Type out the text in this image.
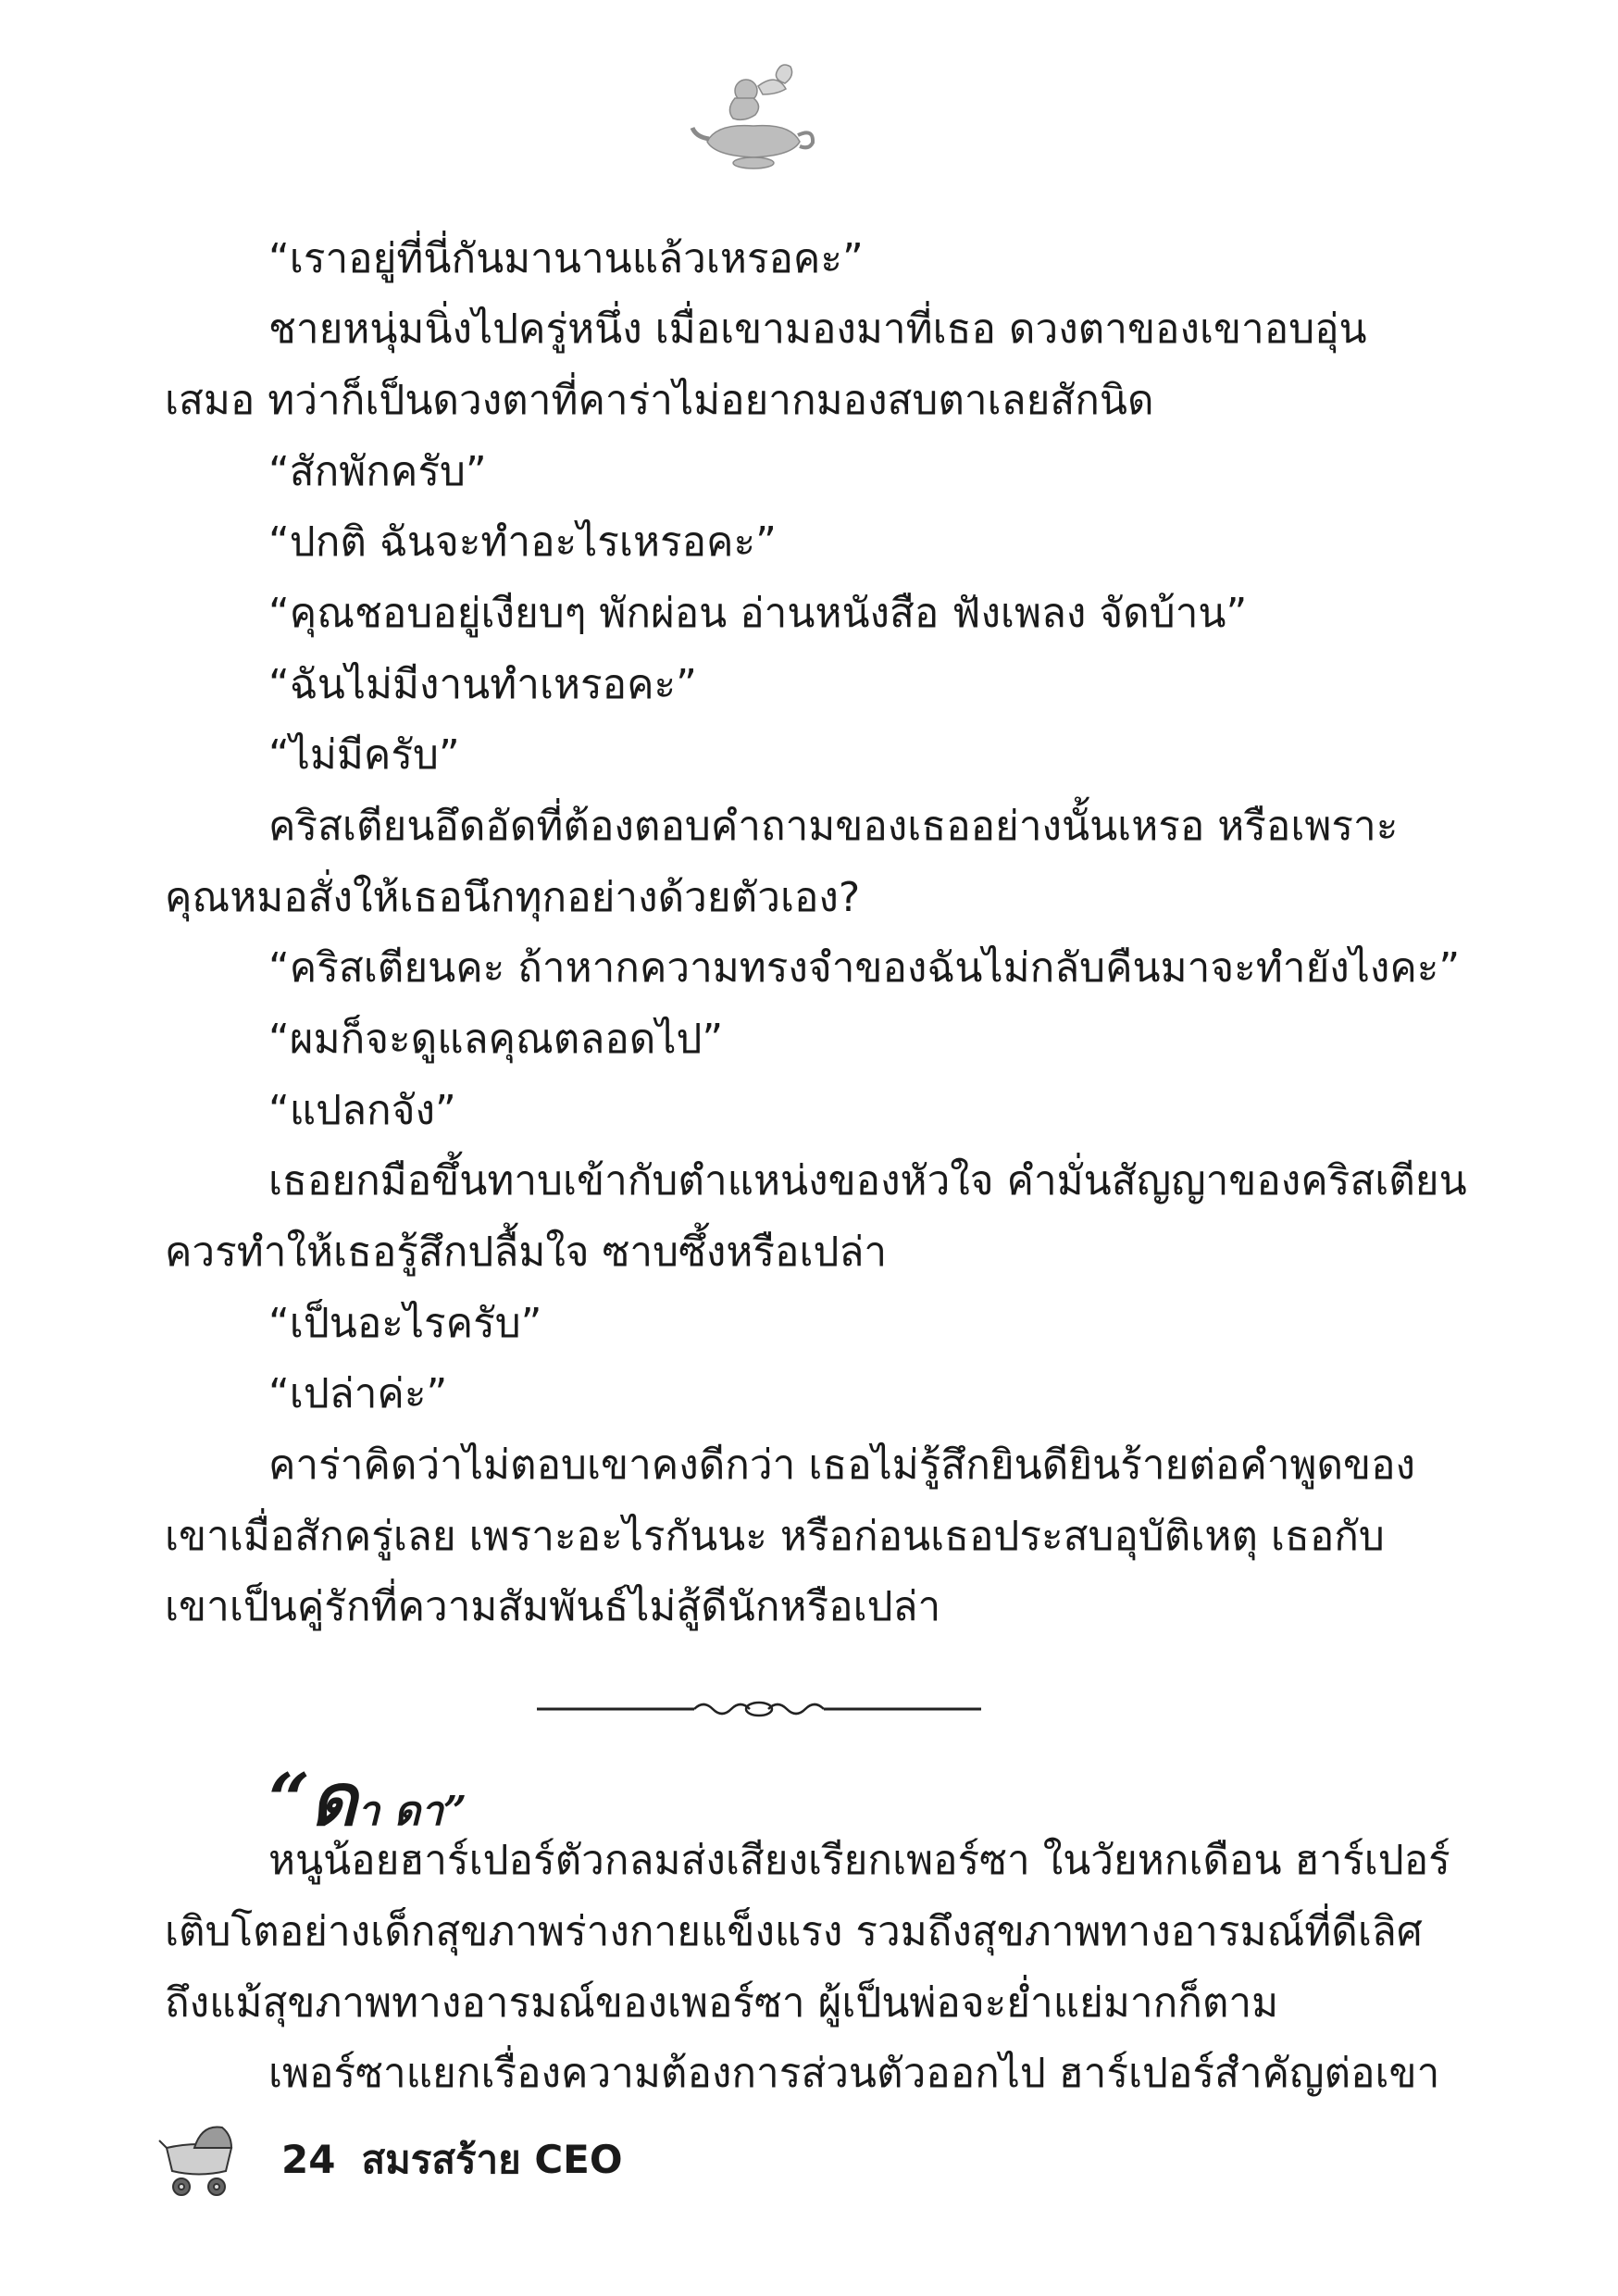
“เราอยู่ที่นี่กันมานานแล้วเหรอคะ”
ชายหนุ่มนิ่งไปครู่หนึ่ง เมื่อเขามองมาที่เธอ ดวงตาของเขาอบอุ่น
เสมอ ทว่าก็เป็นดวงตาที่คาร่าไม่อยากมองสบตาเลยสักนิด
“สักพักครับ”
“ปกติ ฉันจะทำอะไรเหรอคะ”
“คุณชอบอยู่เงียบๆ พักผ่อน อ่านหนังสือ ฟังเพลง จัดบ้าน”
“ฉันไม่มีงานทำเหรอคะ”
“ไม่มีครับ”
คริสเตียนอึดอัดที่ต้องตอบคำถามของเธออย่างนั้นเหรอ หรือเพราะ
คุณหมอสั่งให้เธอนึกทุกอย่างด้วยตัวเอง?
“คริสเตียนคะ ถ้าหากความทรงจำของฉันไม่กลับคืนมาจะทำยังไงคะ”
“ผมก็จะดูแลคุณตลอดไป”
“แปลกจัง”
เธอยกมือขึ้นทาบเข้ากับตำแหน่งของหัวใจ คำมั่นสัญญาของคริสเตียน
ควรทำให้เธอรู้สึกปลื้มใจ ซาบซึ้งหรือเปล่า
“เป็นอะไรครับ”
“เปล่าค่ะ”
คาร่าคิดว่าไม่ตอบเขาคงดีกว่า เธอไม่รู้สึกยินดียินร้ายต่อคำพูดของ
เขาเมื่อสักครู่เลย เพราะอะไรกันนะ หรือก่อนเธอประสบอุบัติเหตุ เธอกับ
เขาเป็นคู่รักที่ความสัมพันธ์ไม่สู้ดีนักหรือเปล่า
“ดา ดา”
หนูน้อยฮาร์เปอร์ตัวกลมส่งเสียงเรียกเพอร์ซา ในวัยหกเดือน ฮาร์เปอร์
เติบโตอย่างเด็กสุขภาพร่างกายแข็งแรง รวมถึงสุขภาพทางอารมณ์ที่ดีเลิศ
ถึงแม้สุขภาพทางอารมณ์ของเพอร์ซา ผู้เป็นพ่อจะย่ำแย่มากก็ตาม
เพอร์ซาแยกเรื่องความต้องการส่วนตัวออกไป ฮาร์เปอร์สำคัญต่อเขา
24 สมรสร้าย CEO
